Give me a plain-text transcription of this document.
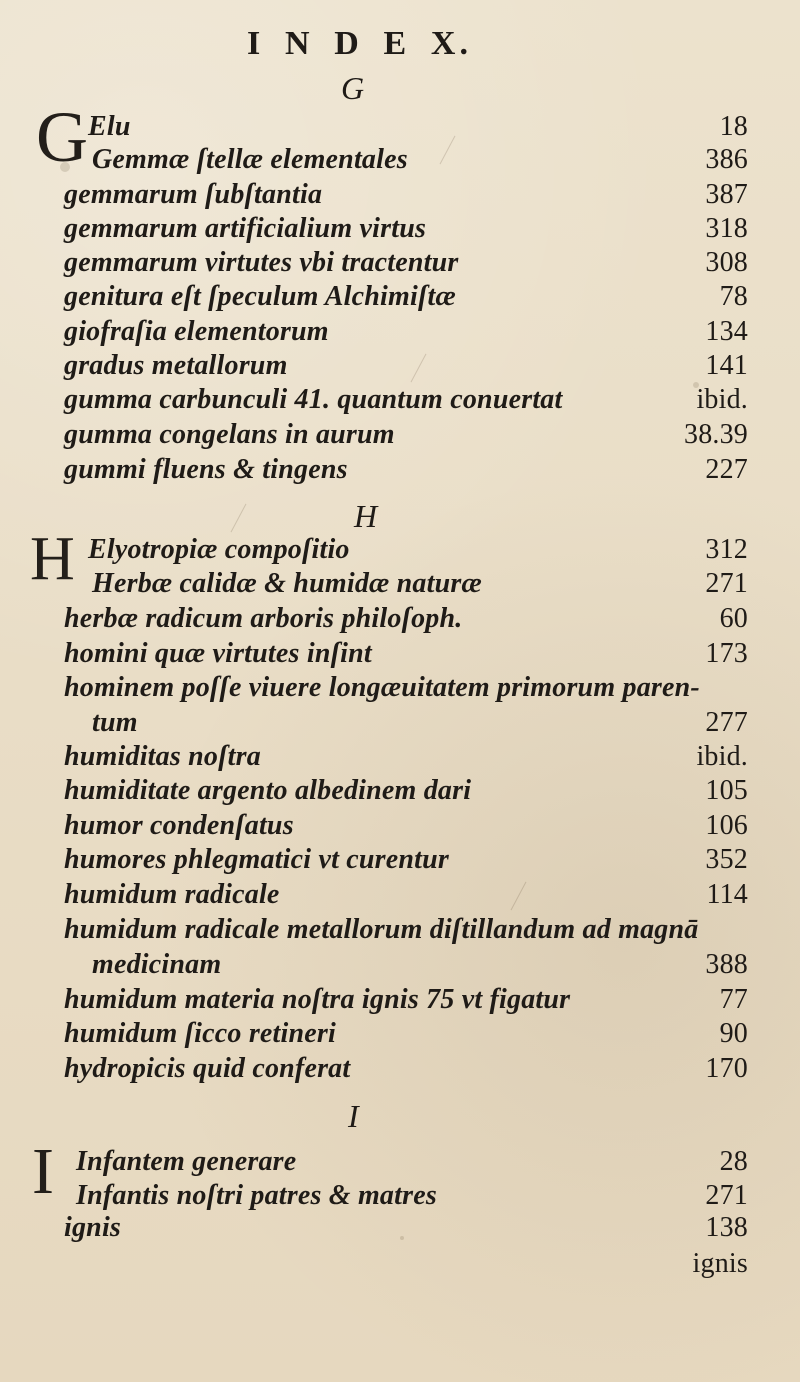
I N D E X.
G
H
I
G
H
I
Elu	18
Gemmæ ſtellæ elementales	386
gemmarum ſubſtantia	387
gemmarum artificialium virtus	318
gemmarum virtutes vbi tractentur	308
genitura eſt ſpeculum Alchimiſtæ	78
giofraſia elementorum	134
gradus metallorum	141
gumma carbunculi 41. quantum conuertat	ibid.
gumma congelans in aurum	38.39
gummi fluens & tingens	227
Elyotropiæ compoſitio	312
Herbæ calidæ & humidæ naturæ	271
herbæ radicum arboris philoſoph.	60
homini quæ virtutes inſint	173
hominem poſſe viuere longæuitatem primorum paren-
tum	277
humiditas noſtra	ibid.
humiditate argento albedinem dari	105
humor condenſatus	106
humores phlegmatici vt curentur	352
humidum radicale	114
humidum radicale metallorum diſtillandum ad magnā
medicinam	388
humidum materia noſtra ignis 75 vt figatur	77
humidum ſicco retineri	90
hydropicis quid conferat	170
Infantem generare	28
Infantis noſtri patres & matres	271
ignis	138
ignis
